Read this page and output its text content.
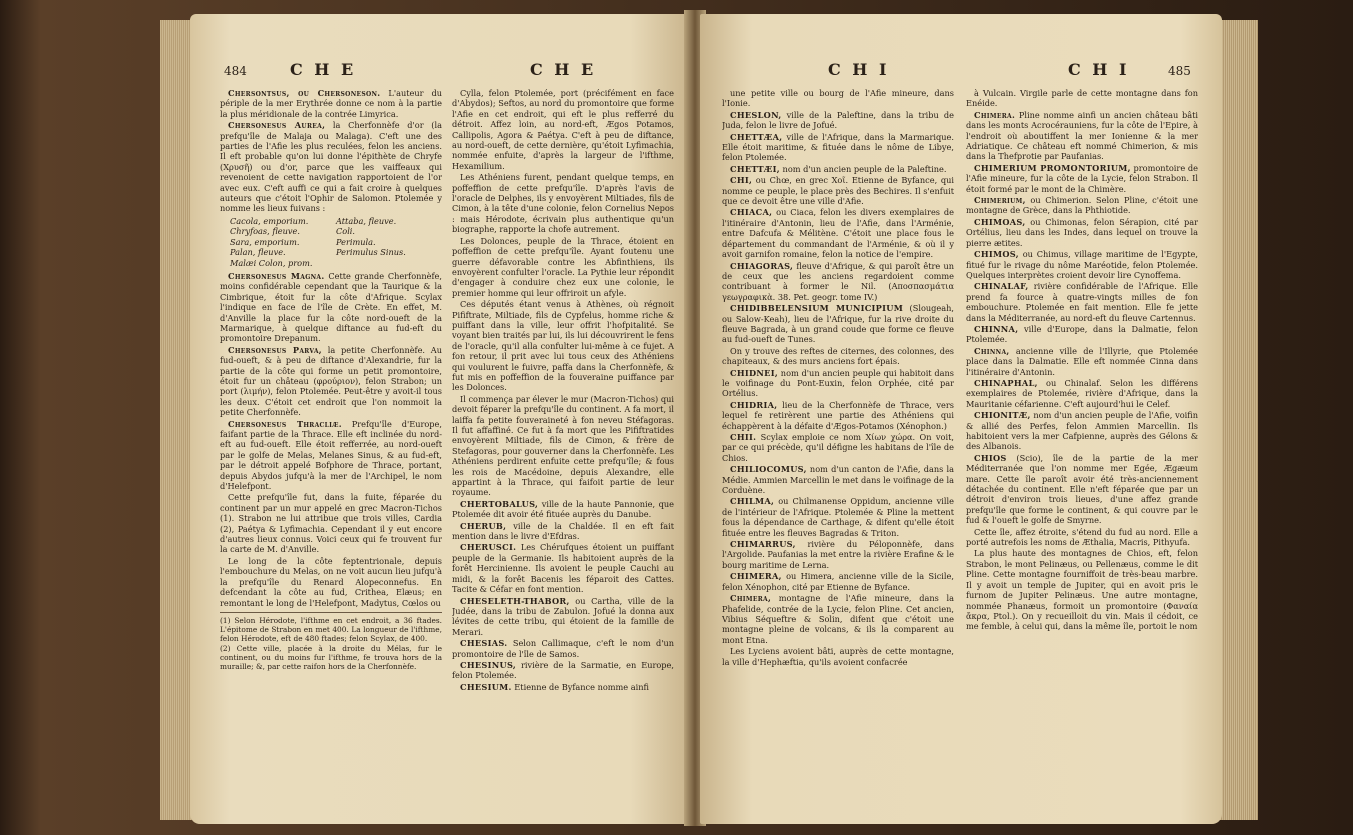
484	C H E	C H E

Chersontsus, ou Chersoneson. L'auteur du périple de la mer Erythrée donne ce nom à la partie la plus méridionale de la contrée Limyrica.

Chersonesus Aurea, la Cherfonnèfe d'or (la prefqu'île de Malaja ou Malaga). C'eft une des parties de l'Afie les plus reculées, felon les anciens. Il eft probable qu'on lui donne l'épithète de Chryfe (Χρυσῆ) ou d'or, parce que les vaiffeaux qui revenoient de cette navigation rapportoient de l'or avec eux. C'eft auffi ce qui a fait croire à quelques auteurs que c'étoit l'Ophir de Salomon. Ptolemée y nomme les lieux fuivans :

Cacola, emporium.	Attaba, fleuve.
Chryfoas, fleuve.	Coli.
Sara, emporium.	Perimula.
Palan, fleuve.	Perimulus Sinus.
Malæi Colon, prom.

Chersonesus Magna. Cette grande Cherfonnèfe, moins confidérable cependant que la Taurique & la Cimbrique, étoit fur la côte d'Afrique. Scylax l'indique en face de l'île de Crète. En effet, M. d'Anville la place fur la côte nord-oueft de la Marmarique, à quelque diftance au fud-eft du promontoire Drepanum.

Chersonesus Parva, la petite Cherfonnèfe. Au fud-oueft, & à peu de diftance d'Alexandrie, fur la partie de la côte qui forme un petit promontoire, étoit fur un château (φρούριον), felon Strabon; un port (λιμήν), felon Ptolemée. Peut-être y avoit-il tous les deux. C'étoit cet endroit que l'on nommoit la petite Cherfonnèfe.

Chersonesus Thracliæ. Prefqu'île d'Europe, faifant partie de la Thrace. Elle eft inclinée du nord-eft au fud-oueft. Elle étoit refferrée, au nord-oueft par le golfe de Melas, Melanes Sinus, & au fud-eft, par le détroit appelé Bofphore de Thrace, portant, depuis Abydos jufqu'à la mer de l'Archipel, le nom d'Helefpont.

Cette prefqu'île fut, dans la fuite, féparée du continent par un mur appelé en grec Macron-Tichos (1). Strabon ne lui attribue que trois villes, Cardia (2), Paétya & Lyfimachia. Cependant il y eut encore d'autres lieux connus. Voici ceux qui fe trouvent fur la carte de M. d'Anville.

Le long de la côte feptentrionale, depuis l'embouchure du Melas, on ne voit aucun lieu jufqu'à la prefqu'île du Renard Alopeconnefus. En defcendant la côte au fud, Crithea, Elæus; en remontant le long de l'Helefpont, Madytus, Cœlos ou

(1) Selon Hérodote, l'ifthme en cet endroit, a 36 ftades. L'épitome de Strabon en met 400. La longueur de l'ifthme, felon Hérodote, eft de 480 ftades; felon Scylax, de 400.
(2) Cette ville, placée à la droite du Mélas, fur le continent, ou du moins fur l'ifthme, fe trouva hors de la muraille; &, par cette raifon hors de la Cherfonnèfe.

Cylla, felon Ptolemée, port (précifément en face d'Abydos); Seftos, au nord du promontoire que forme l'Afie en cet endroit, qui eft le plus refferré du détroit. Affez loin, au nord-eft, Ægos Potamos, Callipolis, Agora & Paétya. C'eft à peu de diftance, au nord-oueft, de cette dernière, qu'étoit Lyfimachia, nommée enfuite, d'après la largeur de l'ifthme, Hexamilium.

Les Athéniens furent, pendant quelque temps, en poffeffion de cette prefqu'île. D'après l'avis de l'oracle de Delphes, ils y envoyèrent Miltiades, fils de Cimon, à la tête d'une colonie, felon Cornelius Nepos : mais Hérodote, écrivain plus authentique qu'un biographe, rapporte la chofe autrement.

Les Dolonces, peuple de la Thrace, étoient en poffeffion de cette prefqu'île. Ayant foutenu une guerre défavorable contre les Abfinthiens, ils envoyèrent confulter l'oracle. La Pythie leur répondit d'engager à conduire chez eux une colonie, le premier homme qui leur offriroit un afyle.

Ces députés étant venus à Athènes, où régnoit Pififtrate, Miltiade, fils de Cypfelus, homme riche & puiffant dans la ville, leur offrit l'hofpitalité. Se voyant bien traités par lui, ils lui découvrirent le fens de l'oracle, qu'il alla confulter lui-même à ce fujet. A fon retour, il prit avec lui tous ceux des Athéniens qui voulurent le fuivre, paffa dans la Cherfonnèfe, & fut mis en poffeffion de la fouveraine puiffance par les Dolonces.

Il commença par élever le mur (Macron-Tichos) qui devoit féparer la prefqu'île du continent. A fa mort, il laiffa fa petite fouveraineté à fon neveu Stéfagoras. Il fut affaffiné. Ce fut à fa mort que les Pififtratides envoyèrent Miltiade, fils de Cimon, & frère de Stefagoras, pour gouverner dans la Cherfonnèfe. Les Athéniens perdirent enfuite cette prefqu'île; & fous les rois de Macédoine, depuis Alexandre, elle appartint à la Thrace, qui faifoit partie de leur royaume.

CHERTOBALUS, ville de la haute Pannonie, que Ptolemée dit avoir été fituée auprès du Danube.

CHERUB, ville de la Chaldée. Il en eft fait mention dans le livre d'Efdras.

CHERUSCI. Les Chérufques étoient un puiffant peuple de la Germanie. Ils habitoient auprès de la forêt Hercinienne. Ils avoient le peuple Cauchi au midi, & la forêt Bacenis les féparoit des Cattes. Tacite & Céfar en font mention.

CHESELETH-THABOR, ou Cartha, ville de la Judée, dans la tribu de Zabulon. Jofué la donna aux lévites de cette tribu, qui étoient de la famille de Merari.

CHESIAS. Selon Callimaque, c'eft le nom d'un promontoire de l'île de Samos.

CHESINUS, rivière de la Sarmatie, en Europe, felon Ptolemée.

CHESIUM. Etienne de Byfance nomme ainfi

C H I	C H I	485

une petite ville ou bourg de l'Afie mineure, dans l'Ionie.

CHESLON, ville de la Paleftine, dans la tribu de Juda, felon le livre de Jofué.

CHETTÆA, ville de l'Afrique, dans la Marmarique. Elle étoit maritime, & fituée dans le nôme de Libye, felon Ptolemée.

CHETTÆI, nom d'un ancien peuple de la Paleftine.

CHI, ou Chœ, en grec Χοῖ. Etienne de Byfance, qui nomme ce peuple, le place près des Bechires. Il s'enfuit que ce devoit être une ville d'Afie.

CHIACA, ou Ciaca, felon les divers exemplaires de l'itinéraire d'Antonin, lieu de l'Afie, dans l'Arménie, entre Dafcufa & Mélitène. C'étoit une place fous le département du commandant de l'Arménie, & où il y avoit garnifon romaine, felon la notice de l'empire.

CHIAGORAS, fleuve d'Afrique, & qui paroît être un de ceux que les anciens regardoient comme contribuant à former le Nil. (Αποσπασμάτια γεωγραφικὰ. 38. Pet. geogr. tome IV.)

CHIDIBBELENSIUM MUNICIPIUM (Slougeah, ou Salow-Keah), lieu de l'Afrique, fur la rive droite du fleuve Bagrada, à un grand coude que forme ce fleuve au fud-oueft de Tunes.

On y trouve des reftes de citernes, des colonnes, des chapiteaux, & des murs anciens fort épais.

CHIDNEI, nom d'un ancien peuple qui habitoit dans le voifinage du Pont-Euxin, felon Orphée, cité par Ortélius.

CHIDRIA, lieu de la Cherfonnèfe de Thrace, vers lequel fe retirèrent une partie des Athéniens qui échappèrent à la défaite d'Ægos-Potamos (Xénophon.)

CHII. Scylax emploie ce nom Χίων χώρα. On voit, par ce qui précède, qu'il défigne les habitans de l'île de Chios.

CHILIOCOMUS, nom d'un canton de l'Afie, dans la Médie. Ammien Marcellin le met dans le voifinage de la Corduène.

CHILMA, ou Chilmanense Oppidum, ancienne ville de l'intérieur de l'Afrique. Ptolemée & Pline la mettent fous la dépendance de Carthage, & difent qu'elle étoit fituée entre les fleuves Bagradas & Triton.

CHIMARRUS, rivière du Péloponnèfe, dans l'Argolide. Paufanias la met entre la rivière Erafine & le bourg maritime de Lerna.

CHIMERA, ou Himera, ancienne ville de la Sicile, felon Xénophon, cité par Etienne de Byfance.

Chimera, montagne de l'Afie mineure, dans la Phafelide, contrée de la Lycie, felon Pline. Cet ancien, Vibius Séqueftre & Solin, difent que c'étoit une montagne pleine de volcans, & ils la comparent au mont Etna.

Les Lyciens avoient bâti, auprès de cette montagne, la ville d'Hephæftia, qu'ils avoient confacrée

à Vulcain. Virgile parle de cette montagne dans fon Enéide.

Chimera. Pline nomme ainfi un ancien château bâti dans les monts Acrocérauniens, fur la côte de l'Epire, à l'endroit où aboutiffent la mer Ionienne & la mer Adriatique. Ce château eft nommé Chimerion, & mis dans la Thefprotie par Paufanias.

CHIMERIUM PROMONTORIUM, promontoire de l'Afie mineure, fur la côte de la Lycie, felon Strabon. Il étoit formé par le mont de la Chimère.

Chimerium, ou Chimerion. Selon Pline, c'étoit une montagne de Grèce, dans la Phthiotide.

CHIMOAS, ou Chimonas, felon Sérapion, cité par Ortélius, lieu dans les Indes, dans lequel on trouve la pierre ætites.

CHIMOS, ou Chimus, village maritime de l'Egypte, fitué fur le rivage du nôme Maréotide, felon Ptolemée. Quelques interprètes croient devoir lire Cynoffema.

CHINALAF, rivière confidérable de l'Afrique. Elle prend fa fource à quatre-vingts milles de fon embouchure. Ptolemée en fait mention. Elle fe jette dans la Méditerranée, au nord-eft du fleuve Cartennus.

CHINNA, ville d'Europe, dans la Dalmatie, felon Ptolemée.

Chinna, ancienne ville de l'Illyrie, que Ptolemée place dans la Dalmatie. Elle eft nommée Cinna dans l'itinéraire d'Antonin.

CHINAPHAL, ou Chinalaf. Selon les différens exemplaires de Ptolemée, rivière d'Afrique, dans la Mauritanie céfarienne. C'eft aujourd'hui le Celef.

CHIONITÆ, nom d'un ancien peuple de l'Afie, voifin & allié des Perfes, felon Ammien Marcellin. Ils habitoient vers la mer Cafpienne, auprès des Gélons & des Albanois.

CHIOS (Scio), île de la partie de la mer Méditerranée que l'on nomme mer Egée, Ægæum mare. Cette île paroît avoir été très-anciennement détachée du continent. Elle n'eft féparée que par un détroit d'environ trois lieues, d'une affez grande prefqu'île que forme le continent, & qui couvre par le fud & l'oueft le golfe de Smyrne.

Cette île, affez étroite, s'étend du fud au nord. Elle a porté autrefois les noms de Æthalia, Macris, Pithyufa.

La plus haute des montagnes de Chios, eft, felon Strabon, le mont Pelinæus, ou Pellenæus, comme le dit Pline. Cette montagne fourniffoit de très-beau marbre. Il y avoit un temple de Jupiter, qui en avoit pris le furnom de Jupiter Pelinæus. Une autre montagne, nommée Phanæus, formoit un promontoire (Φαναία ἄκρα, Ptol.). On y recueilloit du vin. Mais il cédoit, ce me femble, à celui qui, dans la même île, portoit le nom
